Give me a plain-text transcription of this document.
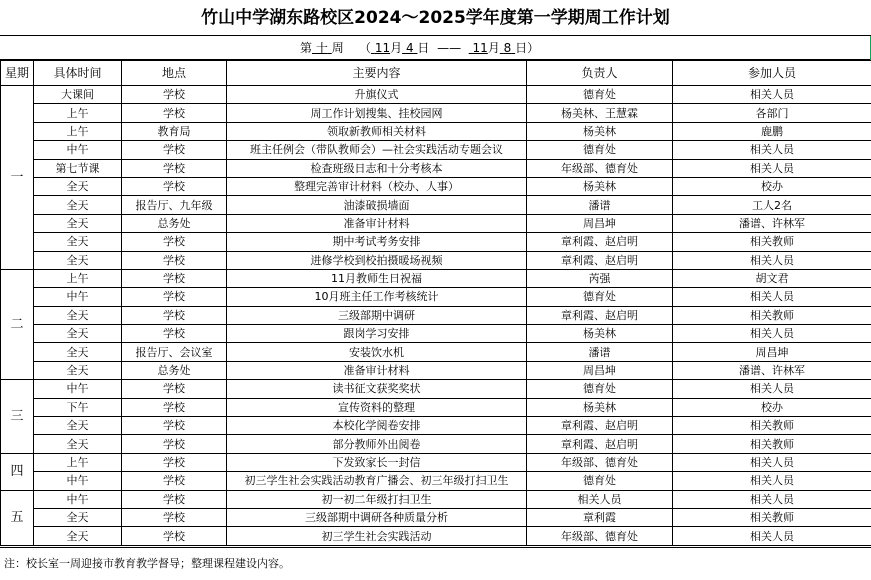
竹山中学湖东路校区2024～2025学年度第一学期周工作计划
第 十 周 （ 11月 4 日 —— 11月 8 日）
星期	具体时间	地点	主要内容	负责人	参加人员
一	大课间	学校	升旗仪式	德育处	相关人员
	上午	学校	周工作计划搜集、挂校园网	杨美林、王慧霖	各部门
	上午	教育局	领取新教师相关材料	杨美林	鹿鹏
	中午	学校	班主任例会（带队教师会）—社会实践活动专题会议	德育处	相关人员
	第七节课	学校	检查班级日志和十分考核本	年级部、德育处	相关人员
	全天	学校	整理完善审计材料（校办、人事）	杨美林	校办
	全天	报告厅、九年级	油漆破损墙面	潘谱	工人2名
	全天	总务处	准备审计材料	周昌坤	潘谱、许林军
	全天	学校	期中考试考务安排	章利霞、赵启明	相关教师
	全天	学校	进修学校到校拍摄暖场视频	章利霞、赵启明	相关人员
二	上午	学校	11月教师生日祝福	芮强	胡文君
	中午	学校	10月班主任工作考核统计	德育处	相关人员
	全天	学校	三级部期中调研	章利霞、赵启明	相关教师
	全天	学校	跟岗学习安排	杨美林	相关人员
	全天	报告厅、会议室	安装饮水机	潘谱	周昌坤
	全天	总务处	准备审计材料	周昌坤	潘谱、许林军
三	中午	学校	读书征文获奖奖状	德育处	相关人员
	下午	学校	宣传资料的整理	杨美林	校办
	全天	学校	本校化学阅卷安排	章利霞、赵启明	相关教师
	全天	学校	部分教师外出阅卷	章利霞、赵启明	相关教师
四	上午	学校	下发致家长一封信	年级部、德育处	相关人员
	中午	学校	初三学生社会实践活动教育广播会、初三年级打扫卫生	德育处	相关人员
五	中午	学校	初一初二年级打扫卫生	相关人员	相关人员
	全天	学校	三级部期中调研各种质量分析	章利霞	相关教师
	全天	学校	初三学生社会实践活动	年级部、德育处	相关人员
注：校长室一周迎接市教育教学督导；整理课程建设内容。
